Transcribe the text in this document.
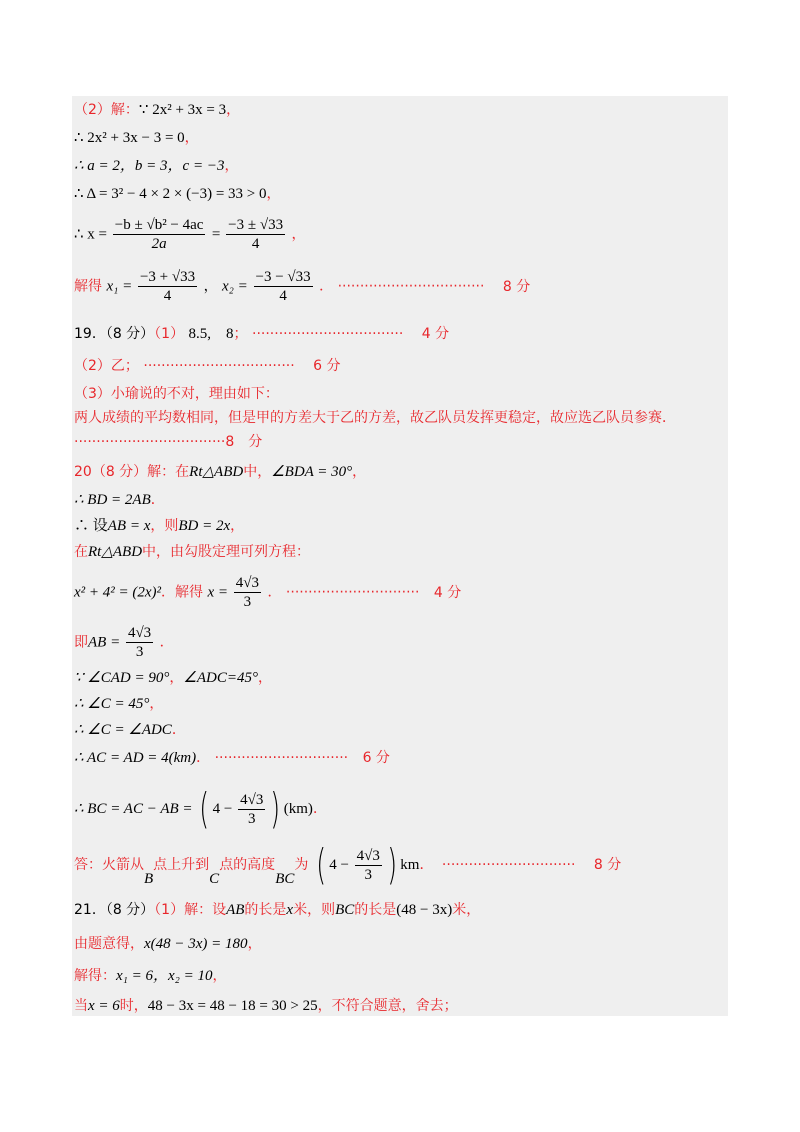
（2）解：∵ 2x² + 3x = 3，
∴ 2x² + 3x − 3 = 0，
∴ a = 2，b = 3，c = −3，
∴ Δ = 3² − 4 × 2 × (−3) = 33 > 0，
∴ $x = \frac{\text{−b ± √b² − 4ac}}{2a} = \frac{-3 \pm √33}{4}$ ，
解得 $x_1 = \frac{-3 + √33}{4}$ ， $x_2 = \frac{-3 - √33}{4}$ ． ································· 8 分
19．（8 分）（1） 8.5,    8； ·································· 4 分
（2）乙； ·································· 6 分
（3）小瑜说的不对，理由如下：
两人成绩的平均数相同，但是甲的方差大于乙的方差，故乙队员发挥更稳定，故应选乙队员参赛．
··································8　分
20（8 分）解：在Rt△ABD中，∠BDA = 30°，
∴ BD = 2AB．
∴ 设AB = x，则BD = 2x，
在Rt△ABD中，由勾股定理可列方程：
x² + 4² = (2x)²．解得 $x = \frac{4√3}{3}$ ． ······························ 4 分
即AB = $\frac{4√3}{3}$ ．
∵ ∠CAD = 90°，∠ADC=45°，
∴ ∠C = 45°，
∴ ∠C = ∠ADC．
∴ AC = AD = 4(km)． ······························ 6 分
∴ BC = AC − AB = ( $4 - \frac{4√3}{3}$ ) (km)．
答：火箭从B点上升到C点的高度BC为 ( $4 - \frac{4√3}{3}$ ) km． ······························ 8 分
21．（8 分）（1）解：设AB的长是x米，则BC的长是(48 − 3x)米，
由题意得，x(48 − 3x) = 180，
解得：x₁ = 6，x₂ = 10，
当x = 6时，48 − 3x = 48 − 18 = 30 > 25，不符合题意，舍去；
